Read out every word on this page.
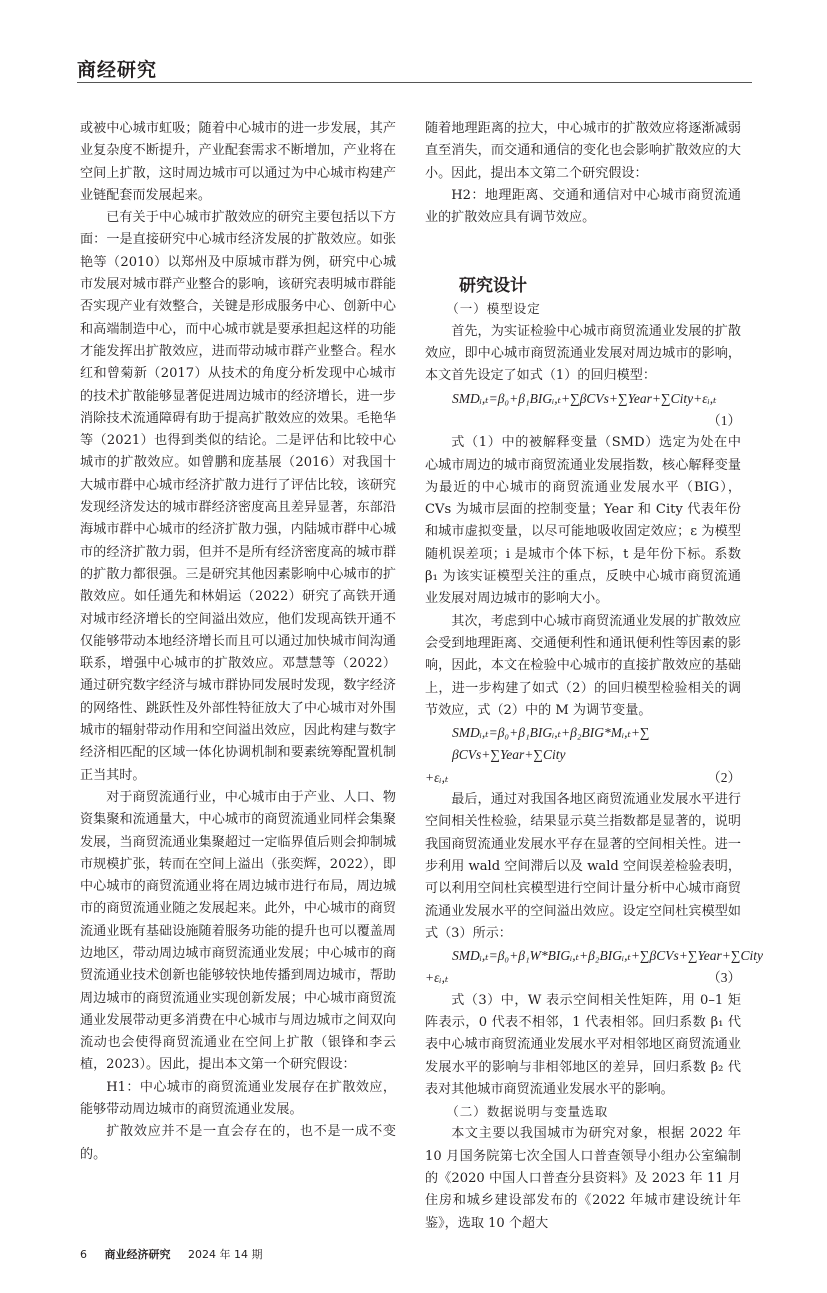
商经研究

或被中心城市虹吸；随着中心城市的进一步发展，其产业复杂度不断提升，产业配套需求不断增加，产业将在空间上扩散，这时周边城市可以通过为中心城市构建产业链配套而发展起来。

已有关于中心城市扩散效应的研究主要包括以下方面：一是直接研究中心城市经济发展的扩散效应。如张艳等（2010）以郑州及中原城市群为例，研究中心城市发展对城市群产业整合的影响，该研究表明城市群能否实现产业有效整合，关键是形成服务中心、创新中心和高端制造中心，而中心城市就是要承担起这样的功能才能发挥出扩散效应，进而带动城市群产业整合。程水红和曾菊新（2017）从技术的角度分析发现中心城市的技术扩散能够显著促进周边城市的经济增长，进一步消除技术流通障碍有助于提高扩散效应的效果。毛艳华等（2021）也得到类似的结论。二是评估和比较中心城市的扩散效应。如曾鹏和庞基展（2016）对我国十大城市群中心城市经济扩散力进行了评估比较，该研究发现经济发达的城市群经济密度高且差异显著，东部沿海城市群中心城市的经济扩散力强，内陆城市群中心城市的经济扩散力弱，但并不是所有经济密度高的城市群的扩散力都很强。三是研究其他因素影响中心城市的扩散效应。如任通先和林娟运（2022）研究了高铁开通对城市经济增长的空间溢出效应，他们发现高铁开通不仅能够带动本地经济增长而且可以通过加快城市间沟通联系，增强中心城市的扩散效应。邓慧慧等（2022）通过研究数字经济与城市群协同发展时发现，数字经济的网络性、跳跃性及外部性特征放大了中心城市对外围城市的辐射带动作用和空间溢出效应，因此构建与数字经济相匹配的区域一体化协调机制和要素统筹配置机制正当其时。

对于商贸流通行业，中心城市由于产业、人口、物资集聚和流通量大，中心城市的商贸流通业同样会集聚发展，当商贸流通业集聚超过一定临界值后则会抑制城市规模扩张，转而在空间上溢出（张奕辉，2022），即中心城市的商贸流通业将在周边城市进行布局，周边城市的商贸流通业随之发展起来。此外，中心城市的商贸流通业既有基础设施随着服务功能的提升也可以覆盖周边地区，带动周边城市商贸流通业发展；中心城市的商贸流通业技术创新也能够较快地传播到周边城市，帮助周边城市的商贸流通业实现创新发展；中心城市商贸流通业发展带动更多消费在中心城市与周边城市之间双向流动也会使得商贸流通业在空间上扩散（银锋和李云植，2023）。因此，提出本文第一个研究假设：

H1：中心城市的商贸流通业发展存在扩散效应，能够带动周边城市的商贸流通业发展。

扩散效应并不是一直会存在的，也不是一成不变的。

随着地理距离的拉大，中心城市的扩散效应将逐渐减弱直至消失，而交通和通信的变化也会影响扩散效应的大小。因此，提出本文第二个研究假设：

H2：地理距离、交通和通信对中心城市商贸流通业的扩散效应具有调节效应。

研究设计
（一）模型设定

首先，为实证检验中心城市商贸流通业发展的扩散效应，即中心城市商贸流通业发展对周边城市的影响，本文首先设定了如式（1）的回归模型：

SMDᵢ,ₜ=β₀+β₁BIGᵢ,ₜ+∑βCVs+∑Year+∑City+εᵢ,ₜ
（1）

式（1）中的被解释变量（SMD）选定为处在中心城市周边的城市商贸流通业发展指数，核心解释变量为最近的中心城市的商贸流通业发展水平（BIG），CVs 为城市层面的控制变量；Year 和 City 代表年份和城市虚拟变量，以尽可能地吸收固定效应；ε 为模型随机误差项；i 是城市个体下标，t 是年份下标。系数 β₁ 为该实证模型关注的重点，反映中心城市商贸流通业发展对周边城市的影响大小。

其次，考虑到中心城市商贸流通业发展的扩散效应会受到地理距离、交通便利性和通讯便利性等因素的影响，因此，本文在检验中心城市的直接扩散效应的基础上，进一步构建了如式（2）的回归模型检验相关的调节效应，式（2）中的 M 为调节变量。

SMDᵢ,ₜ=β₀+β₁BIGᵢ,ₜ+β₂BIG*Mᵢ,ₜ+∑ βCVs+∑Year+∑City
+εᵢ,ₜ	（2）

最后，通过对我国各地区商贸流通业发展水平进行空间相关性检验，结果显示莫兰指数都是显著的，说明我国商贸流通业发展水平存在显著的空间相关性。进一步利用 wald 空间滞后以及 wald 空间误差检验表明，可以利用空间杜宾模型进行空间计量分析中心城市商贸流通业发展水平的空间溢出效应。设定空间杜宾模型如式（3）所示：

SMDᵢ,ₜ=β₀+β₁W*BIGᵢ,ₜ+β₂BIGᵢ,ₜ+∑βCVs+∑Year+∑City
+εᵢ,ₜ	（3）

式（3）中，W 表示空间相关性矩阵，用 0–1 矩阵表示，0 代表不相邻，1 代表相邻。回归系数 β₁ 代表中心城市商贸流通业发展水平对相邻地区商贸流通业发展水平的影响与非相邻地区的差异，回归系数 β₂ 代表对其他城市商贸流通业发展水平的影响。

（二）数据说明与变量选取

本文主要以我国城市为研究对象，根据 2022 年 10 月国务院第七次全国人口普查领导小组办公室编制的《2020 中国人口普查分县资料》及 2023 年 11 月住房和城乡建设部发布的《2022 年城市建设统计年鉴》，选取 10 个超大

6 商业经济研究 2024 年 14 期
